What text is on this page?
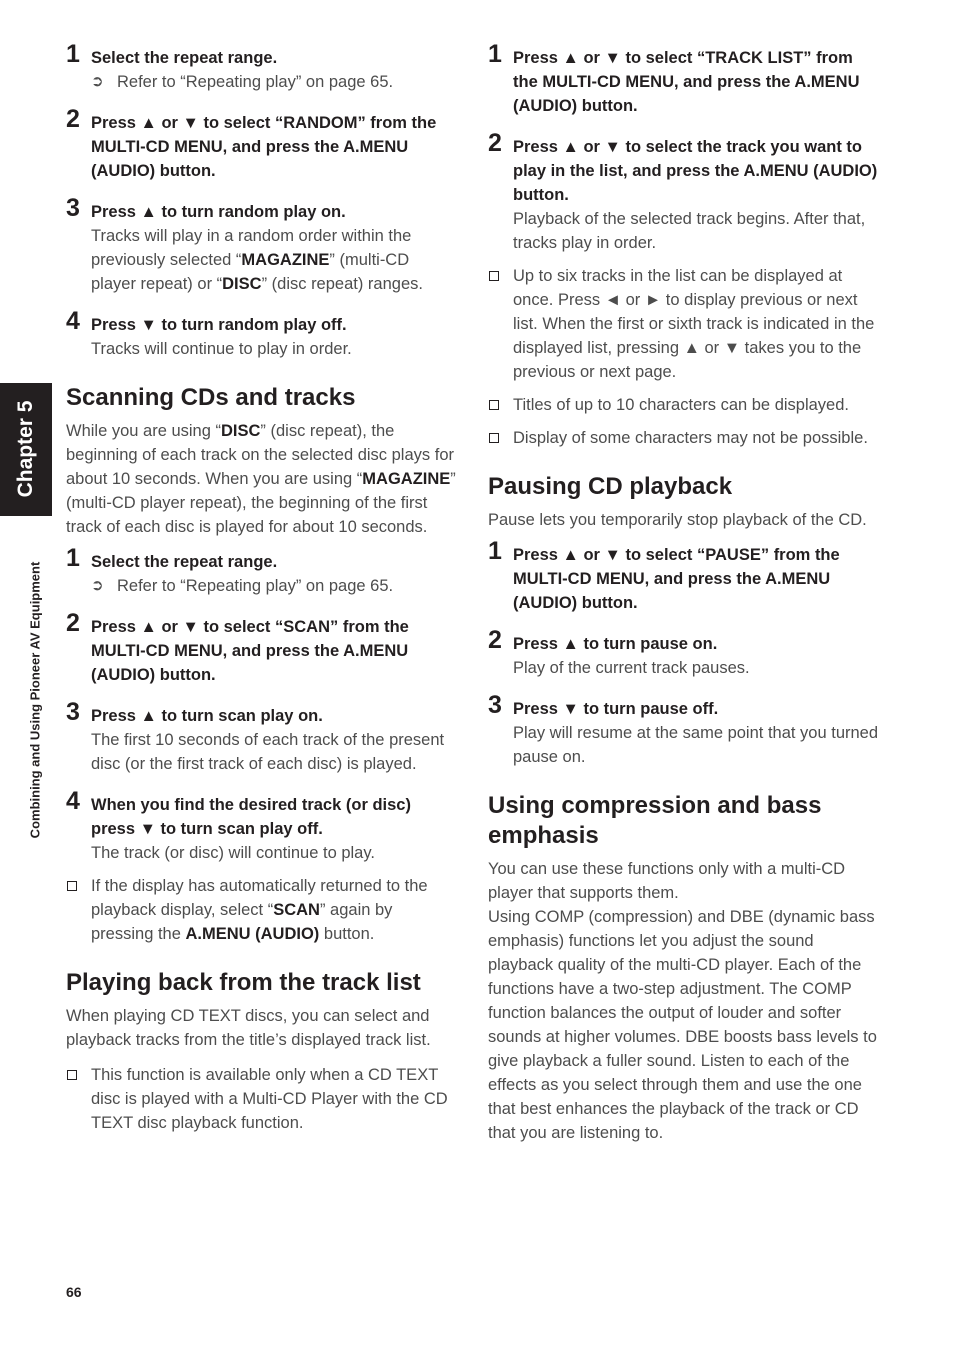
Chapter 5
Combining and Using Pioneer AV Equipment
1 Select the repeat range.
➲ Refer to “Repeating play” on page 65.
2 Press ▲ or ▼ to select “RANDOM” from the MULTI-CD MENU, and press the A.MENU (AUDIO) button.
3 Press ▲ to turn random play on.
Tracks will play in a random order within the previously selected “MAGAZINE” (multi-CD player repeat) or “DISC” (disc repeat) ranges.
4 Press ▼ to turn random play off.
Tracks will continue to play in order.
Scanning CDs and tracks
While you are using “DISC” (disc repeat), the beginning of each track on the selected disc plays for about 10 seconds. When you are using “MAGAZINE” (multi-CD player repeat), the beginning of the first track of each disc is played for about 10 seconds.
1 Select the repeat range.
➲ Refer to “Repeating play” on page 65.
2 Press ▲ or ▼ to select “SCAN” from the MULTI-CD MENU, and press the A.MENU (AUDIO) button.
3 Press ▲ to turn scan play on.
The first 10 seconds of each track of the present disc (or the first track of each disc) is played.
4 When you find the desired track (or disc) press ▼ to turn scan play off.
The track (or disc) will continue to play.
If the display has automatically returned to the playback display, select “SCAN” again by pressing the A.MENU (AUDIO) button.
Playing back from the track list
When playing CD TEXT discs, you can select and playback tracks from the title’s displayed track list.
This function is available only when a CD TEXT disc is played with a Multi-CD Player with the CD TEXT disc playback function.
1 Press ▲ or ▼ to select “TRACK LIST” from the MULTI-CD MENU, and press the A.MENU (AUDIO) button.
2 Press ▲ or ▼ to select the track you want to play in the list, and press the A.MENU (AUDIO) button.
Playback of the selected track begins. After that, tracks play in order.
Up to six tracks in the list can be displayed at once. Press ◄ or ► to display previous or next list. When the first or sixth track is indicated in the displayed list, pressing ▲ or ▼ takes you to the previous or next page.
Titles of up to 10 characters can be displayed.
Display of some characters may not be possible.
Pausing CD playback
Pause lets you temporarily stop playback of the CD.
1 Press ▲ or ▼ to select “PAUSE” from the MULTI-CD MENU, and press the A.MENU (AUDIO) button.
2 Press ▲ to turn pause on.
Play of the current track pauses.
3 Press ▼ to turn pause off.
Play will resume at the same point that you turned pause on.
Using compression and bass emphasis
You can use these functions only with a multi-CD player that supports them.
Using COMP (compression) and DBE (dynamic bass emphasis) functions let you adjust the sound playback quality of the multi-CD player. Each of the functions have a two-step adjustment. The COMP function balances the output of louder and softer sounds at higher volumes. DBE boosts bass levels to give playback a fuller sound. Listen to each of the effects as you select through them and use the one that best enhances the playback of the track or CD that you are listening to.
66
